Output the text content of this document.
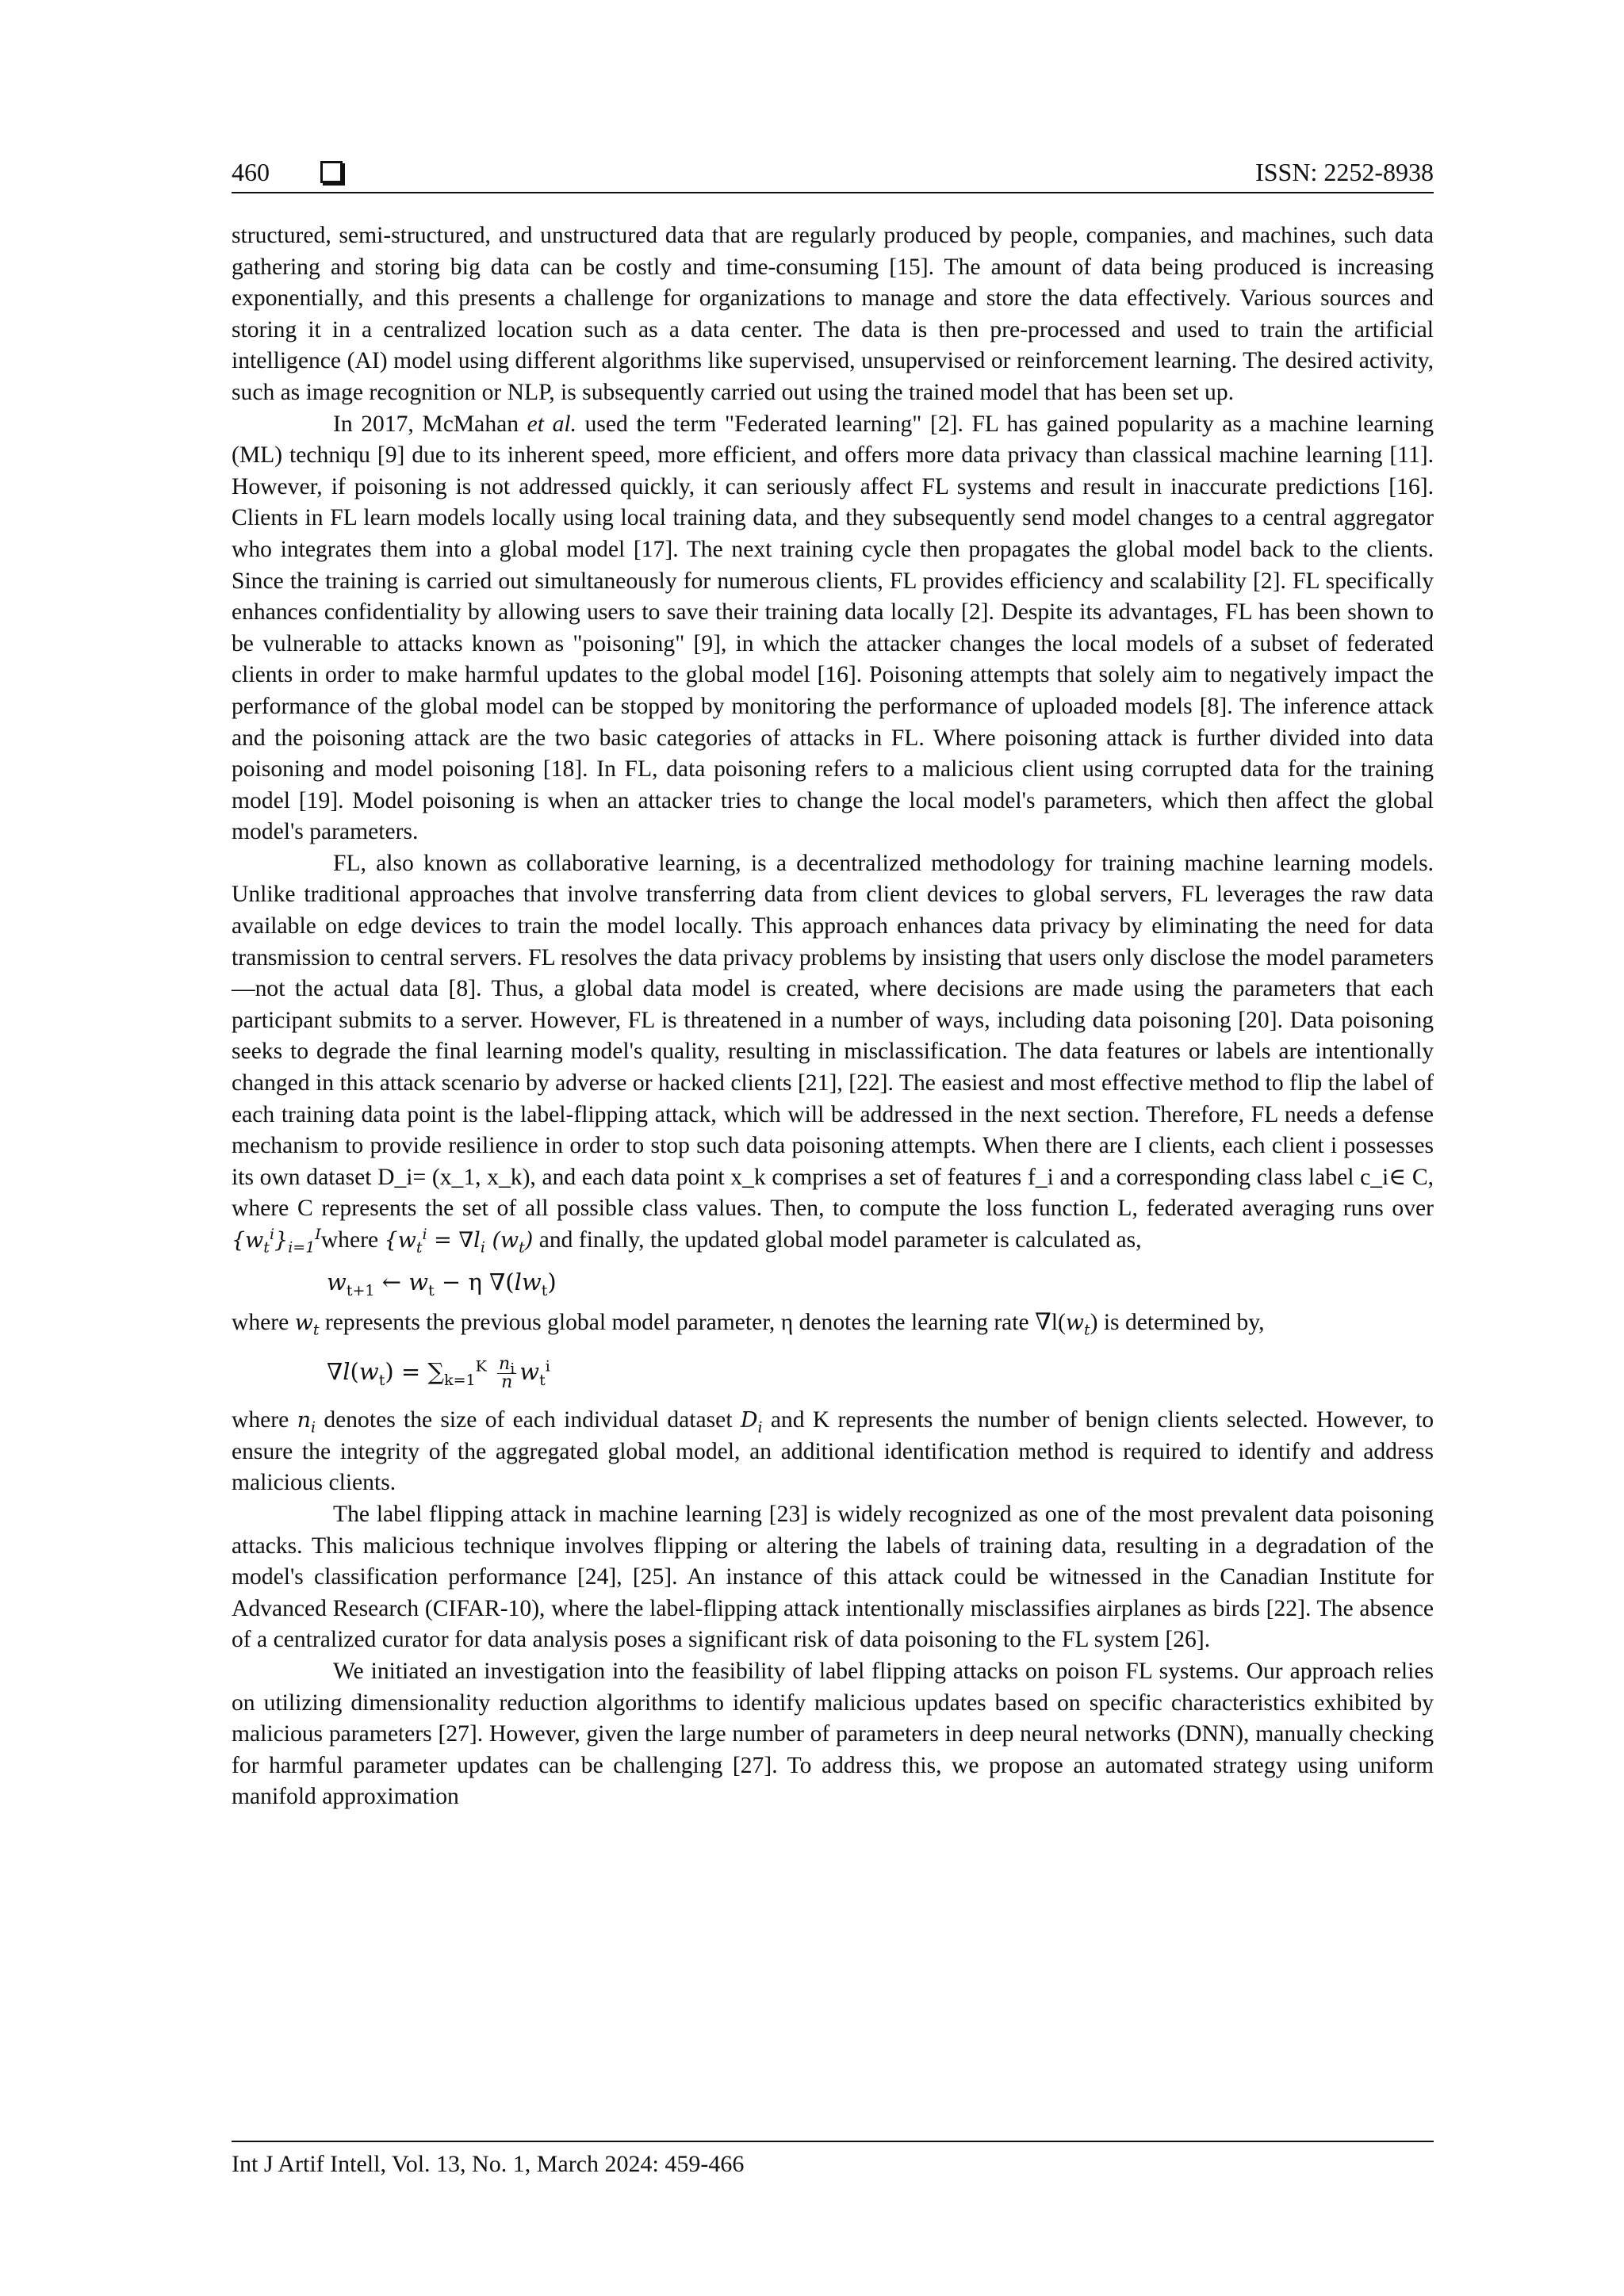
460	ISSN: 2252-8938

structured, semi-structured, and unstructured data that are regularly produced by people, companies, and machines, such data gathering and storing big data can be costly and time-consuming [15]. The amount of data being produced is increasing exponentially, and this presents a challenge for organizations to manage and store the data effectively. Various sources and storing it in a centralized location such as a data center. The data is then pre-processed and used to train the artificial intelligence (AI) model using different algorithms like supervised, unsupervised or reinforcement learning. The desired activity, such as image recognition or NLP, is subsequently carried out using the trained model that has been set up.

In 2017, McMahan et al. used the term "Federated learning" [2]. FL has gained popularity as a machine learning (ML) techniqu [9] due to its inherent speed, more efficient, and offers more data privacy than classical machine learning [11]. However, if poisoning is not addressed quickly, it can seriously affect FL systems and result in inaccurate predictions [16]. Clients in FL learn models locally using local training data, and they subsequently send model changes to a central aggregator who integrates them into a global model [17]. The next training cycle then propagates the global model back to the clients. Since the training is carried out simultaneously for numerous clients, FL provides efficiency and scalability [2]. FL specifically enhances confidentiality by allowing users to save their training data locally [2]. Despite its advantages, FL has been shown to be vulnerable to attacks known as "poisoning" [9], in which the attacker changes the local models of a subset of federated clients in order to make harmful updates to the global model [16]. Poisoning attempts that solely aim to negatively impact the performance of the global model can be stopped by monitoring the performance of uploaded models [8]. The inference attack and the poisoning attack are the two basic categories of attacks in FL. Where poisoning attack is further divided into data poisoning and model poisoning [18]. In FL, data poisoning refers to a malicious client using corrupted data for the training model [19]. Model poisoning is when an attacker tries to change the local model's parameters, which then affect the global model's parameters.

FL, also known as collaborative learning, is a decentralized methodology for training machine learning models. Unlike traditional approaches that involve transferring data from client devices to global servers, FL leverages the raw data available on edge devices to train the model locally. This approach enhances data privacy by eliminating the need for data transmission to central servers. FL resolves the data privacy problems by insisting that users only disclose the model parameters—not the actual data [8]. Thus, a global data model is created, where decisions are made using the parameters that each participant submits to a server. However, FL is threatened in a number of ways, including data poisoning [20]. Data poisoning seeks to degrade the final learning model's quality, resulting in misclassification. The data features or labels are intentionally changed in this attack scenario by adverse or hacked clients [21], [22]. The easiest and most effective method to flip the label of each training data point is the label-flipping attack, which will be addressed in the next section. Therefore, FL needs a defense mechanism to provide resilience in order to stop such data poisoning attempts. When there are I clients, each client i possesses its own dataset D_i= (x_1, x_k), and each data point x_k comprises a set of features f_i and a corresponding class label c_i∈ C, where C represents the set of all possible class values. Then, to compute the loss function L, federated averaging runs over $\{w_t^i\}_{i=1}^Iwhere$ {$w_t^i = \nabla l_i$ $(w_t)$ and finally, the updated global model parameter is calculated as,

$w_{t+1}$ ← $w_t - \eta$ $\nabla(lw_t)$

where $w_t$ represents the previous global model parameter, η denotes the learning rate $\nabla l(w_t)$ is determined by,

$\nabla l(w_t) = \sum_{k=1}^K \frac{n_i}{n} w_t^i$

where $n_i$ denotes the size of each individual dataset $D_i$ and K represents the number of benign clients selected. However, to ensure the integrity of the aggregated global model, an additional identification method is required to identify and address malicious clients.

The label flipping attack in machine learning [23] is widely recognized as one of the most prevalent data poisoning attacks. This malicious technique involves flipping or altering the labels of training data, resulting in a degradation of the model's classification performance [24], [25]. An instance of this attack could be witnessed in the Canadian Institute for Advanced Research (CIFAR-10), where the label-flipping attack intentionally misclassifies airplanes as birds [22]. The absence of a centralized curator for data analysis poses a significant risk of data poisoning to the FL system [26].

We initiated an investigation into the feasibility of label flipping attacks on poison FL systems. Our approach relies on utilizing dimensionality reduction algorithms to identify malicious updates based on specific characteristics exhibited by malicious parameters [27]. However, given the large number of parameters in deep neural networks (DNN), manually checking for harmful parameter updates can be challenging [27]. To address this, we propose an automated strategy using uniform manifold approximation

Int J Artif Intell, Vol. 13, No. 1, March 2024: 459-466
